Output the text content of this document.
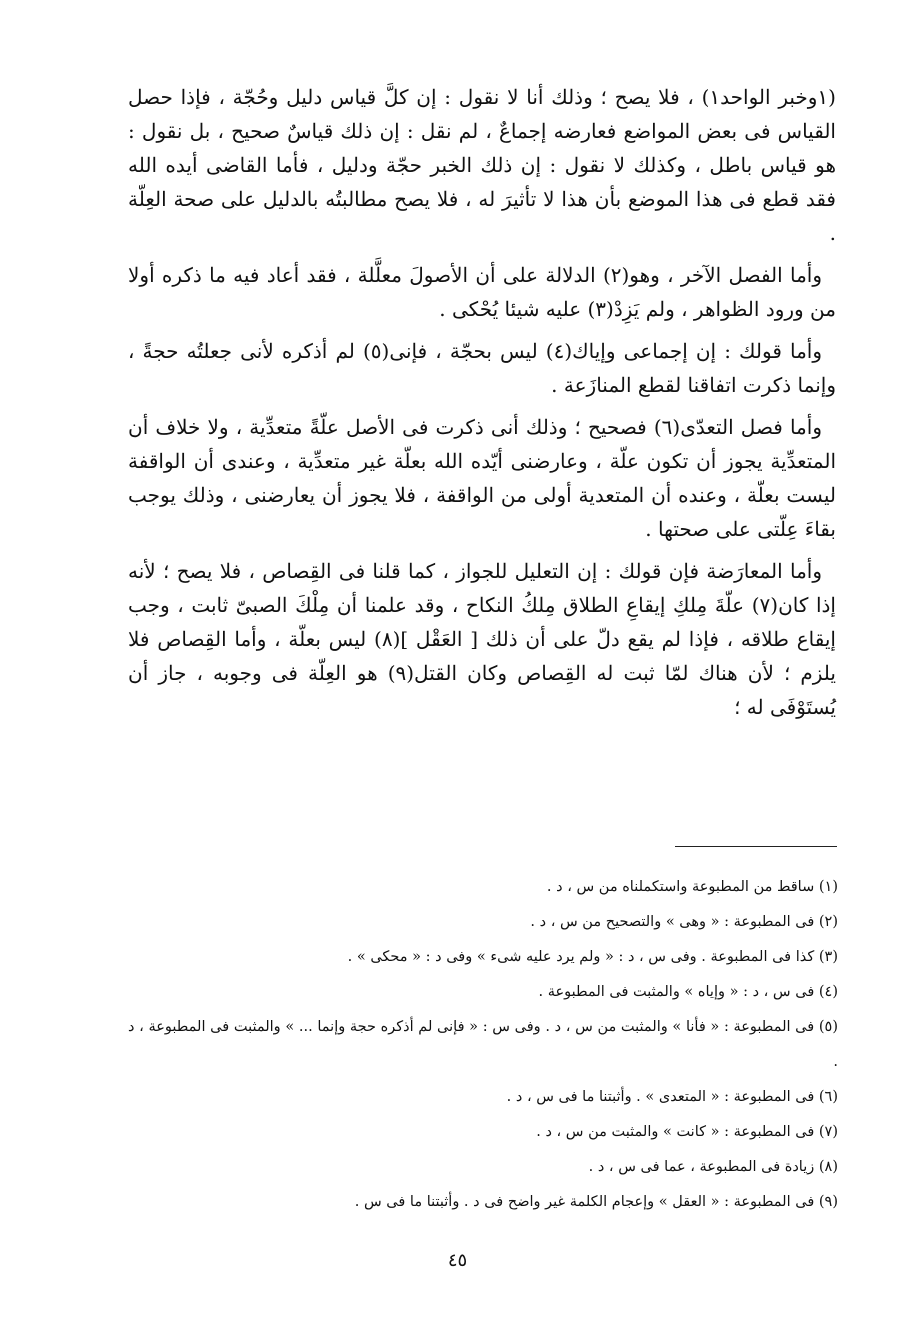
(١وخبر الواحد١) ، فلا يصح ؛ وذلك أنا لا نقول : إن كلَّ قياس دليل وحُجّة ، فإذا حصل القياس فى بعض المواضع فعارضه إجماعٌ ، لم نقل : إن ذلك قياسٌ صحيح ، بل نقول : هو قياس باطل ، وكذلك لا نقول : إن ذلك الخبر حجّة ودليل ، فأما القاضى أيده الله فقد قطع فى هذا الموضع بأن هذا لا تأثيرَ له ، فلا يصح مطالبتُه بالدليل على صحة العِلّة .

وأما الفصل الآخر ، وهو(٢) الدلالة على أن الأصولَ معلَّلة ، فقد أعاد فيه ما ذكره أولا من ورود الظواهر ، ولم يَزِدْ(٣) عليه شيئا يُحْكى .

وأما قولك : إن إجماعى وإياك(٤) ليس بحجّة ، فإنى(٥) لم أذكره لأنى جعلتُه حجةً ، وإنما ذكرت اتفاقنا لقطع المنازَعة .

وأما فصل التعدّى(٦) فصحيح ؛ وذلك أنى ذكرت فى الأصل علّةً متعدِّية ، ولا خلاف أن المتعدِّية يجوز أن تكون علّة ، وعارضنى أيّده الله بعلّة غير متعدِّية ، وعندى أن الواقفة ليست بعلّة ، وعنده أن المتعدية أولى من الواقفة ، فلا يجوز أن يعارضنى ، وذلك يوجب بقاءَ عِلّتى على صحتها .

وأما المعارَضة فإن قولك : إن التعليل للجواز ، كما قلنا فى القِصاص ، فلا يصح ؛ لأنه إذا كان(٧) علّةَ مِلكِ إيقاعِ الطلاق مِلكُ النكاح ، وقد علمنا أن مِلْكَ الصبىّ ثابت ، وجب إيقاع طلاقه ، فإذا لم يقع دلّ على أن ذلك [ العَقْل ](٨) ليس بعلّة ، وأما القِصاص فلا يلزم ؛ لأن هناك لمّا ثبت له القِصاص وكان القتل(٩) هو العِلّة فى وجوبه ، جاز أن يُستَوْفَى له ؛

(١) ساقط من المطبوعة واستكملناه من س ، د .

(٢) فى المطبوعة : « وهى » والتصحيح من س ، د .

(٣) كذا فى المطبوعة . وفى س ، د : « ولم يرد عليه شىء » وفى د : « محكى » .

(٤) فى س ، د : « وإياه » والمثبت فى المطبوعة .

(٥) فى المطبوعة : « فأنا » والمثبت من س ، د . وفى س : « فإنى لم أذكره حجة وإنما ... » والمثبت فى المطبوعة ، د .

(٦) فى المطبوعة : « المتعدى » . وأثبتنا ما فى س ، د .

(٧) فى المطبوعة : « كانت » والمثبت من س ، د .

(٨) زيادة فى المطبوعة ، عما فى س ، د .

(٩) فى المطبوعة : « العقل » وإعجام الكلمة غير واضح فى د . وأثبتنا ما فى س .

٤٥
